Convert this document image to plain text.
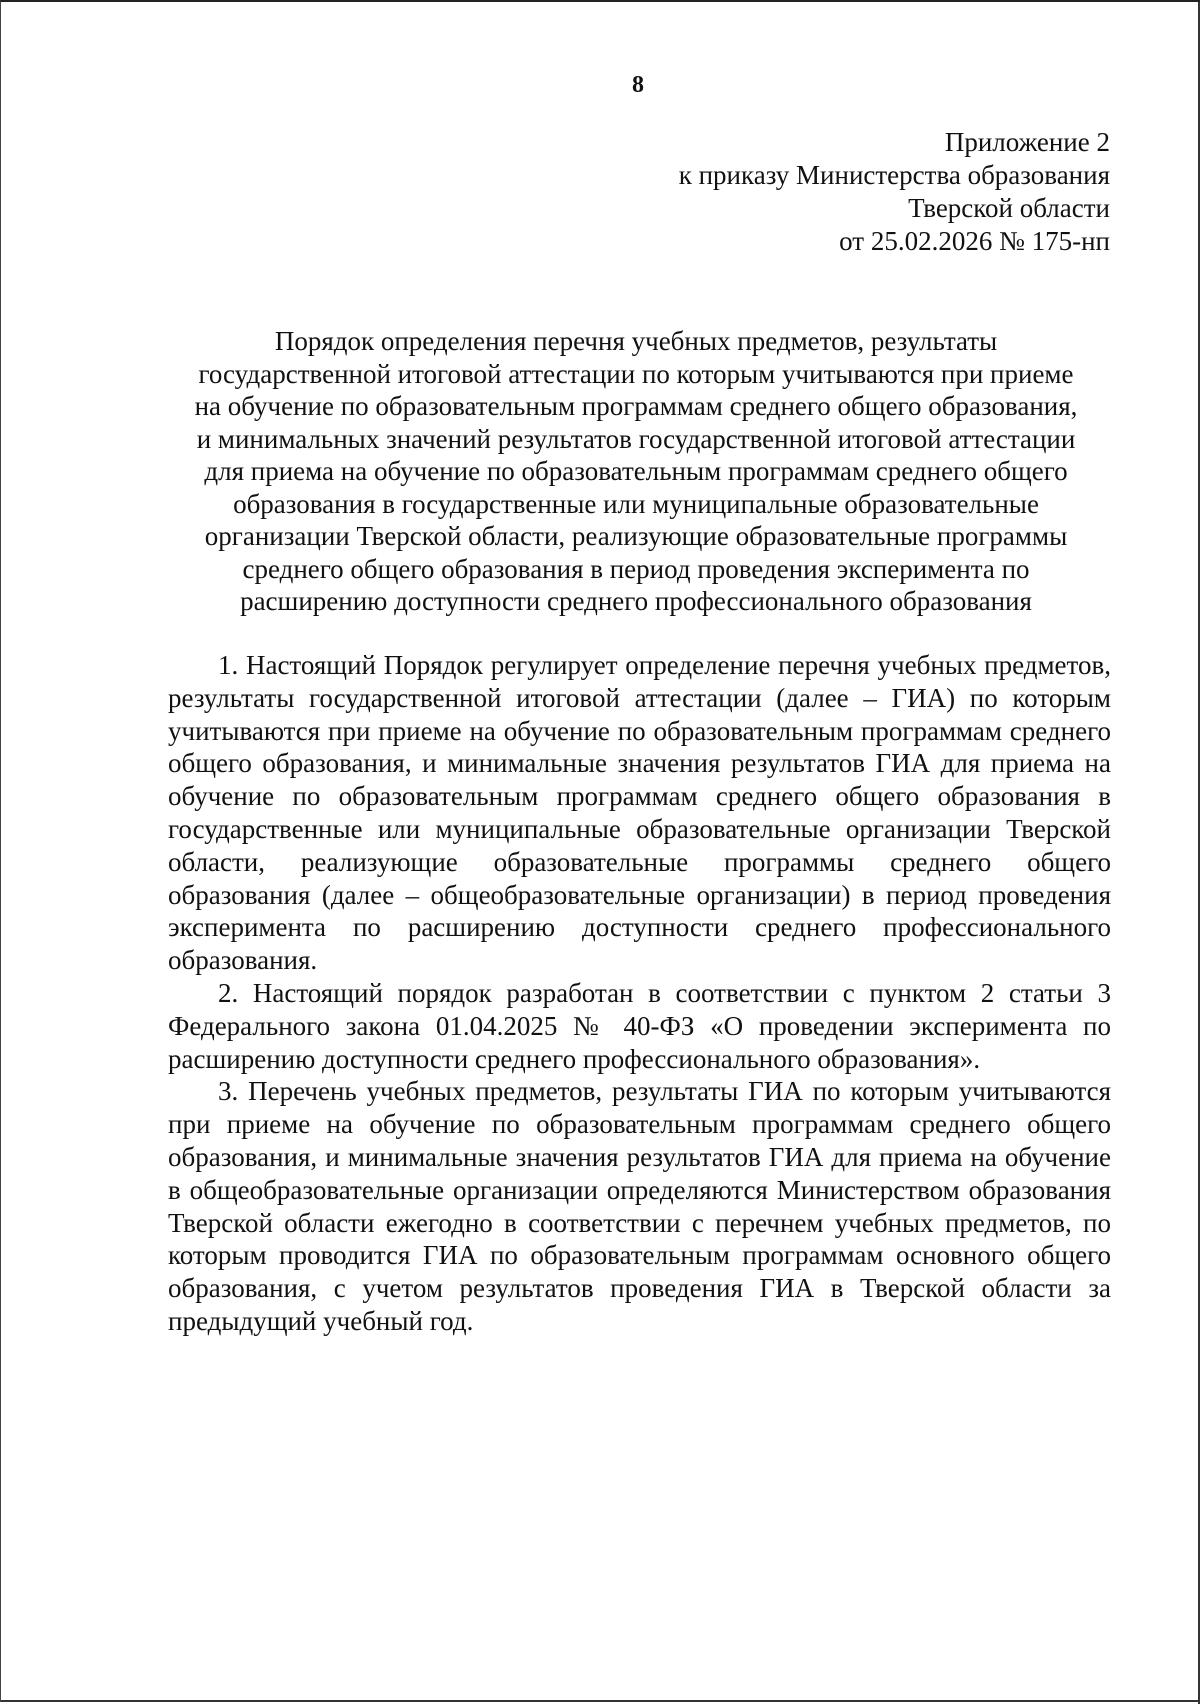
8
Приложение 2
к приказу Министерства образования
Тверской области
от 25.02.2026 № 175-нп
Порядок определения перечня учебных предметов, результаты
государственной итоговой аттестации по которым учитываются при приеме
на обучение по образовательным программам среднего общего образования,
и минимальных значений результатов государственной итоговой аттестации
для приема на обучение по образовательным программам среднего общего
образования в государственные или муниципальные образовательные
организации Тверской области, реализующие образовательные программы
среднего общего образования в период проведения эксперимента по
расширению доступности среднего профессионального образования

1. Настоящий Порядок регулирует определение перечня учебных предметов, результаты государственной итоговой аттестации (далее – ГИА) по которым учитываются при приеме на обучение по образовательным программам среднего общего образования, и минимальные значения результатов ГИА для приема на обучение по образовательным программам среднего общего образования в государственные или муниципальные образовательные организации Тверской области, реализующие образовательные программы среднего общего образования (далее – общеобразовательные организации) в период проведения эксперимента по расширению доступности среднего профессионального образования.

2. Настоящий порядок разработан в соответствии с пунктом 2 статьи 3 Федерального закона 01.04.2025 № 40-ФЗ «О проведении эксперимента по расширению доступности среднего профессионального образования».

3. Перечень учебных предметов, результаты ГИА по которым учитываются при приеме на обучение по образовательным программам среднего общего образования, и минимальные значения результатов ГИА для приема на обучение в общеобразовательные организации определяются Министерством образования Тверской области ежегодно в соответствии с перечнем учебных предметов, по которым проводится ГИА по образовательным программам основного общего образования, с учетом результатов проведения ГИА в Тверской области за предыдущий учебный год.
